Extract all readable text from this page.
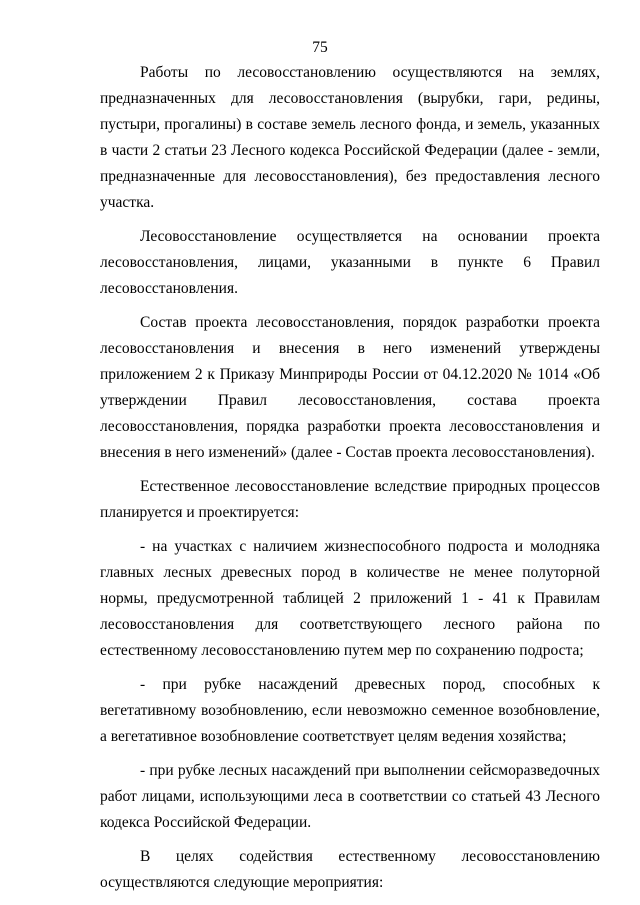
75

Работы по лесовосстановлению осуществляются на землях, предназначенных для лесовосстановления (вырубки, гари, редины, пустыри, прогалины) в составе земель лесного фонда, и земель, указанных в части 2 статьи 23 Лесного кодекса Российской Федерации (далее - земли, предназначенные для лесовосстановления), без предоставления лесного участка.

Лесовосстановление осуществляется на основании проекта лесовосстановления, лицами, указанными в пункте 6 Правил лесовосстановления.

Состав проекта лесовосстановления, порядок разработки проекта лесовосстановления и внесения в него изменений утверждены приложением 2 к Приказу Минприроды России от 04.12.2020 № 1014 «Об утверждении Правил лесовосстановления, состава проекта лесовосстановления, порядка разработки проекта лесовосстановления и внесения в него изменений» (далее - Состав проекта лесовосстановления).

Естественное лесовосстановление вследствие природных процессов планируется и проектируется:

- на участках с наличием жизнеспособного подроста и молодняка главных лесных древесных пород в количестве не менее полуторной нормы, предусмотренной таблицей 2 приложений 1 - 41 к Правилам лесовосстановления для соответствующего лесного района по естественному лесовосстановлению путем мер по сохранению подроста;

- при рубке насаждений древесных пород, способных к вегетативному возобновлению, если невозможно семенное возобновление, а вегетативное возобновление соответствует целям ведения хозяйства;

- при рубке лесных насаждений при выполнении сейсморазведочных работ лицами, использующими леса в соответствии со статьей 43 Лесного кодекса Российской Федерации.

В целях содействия естественному лесовосстановлению осуществляются следующие мероприятия:
